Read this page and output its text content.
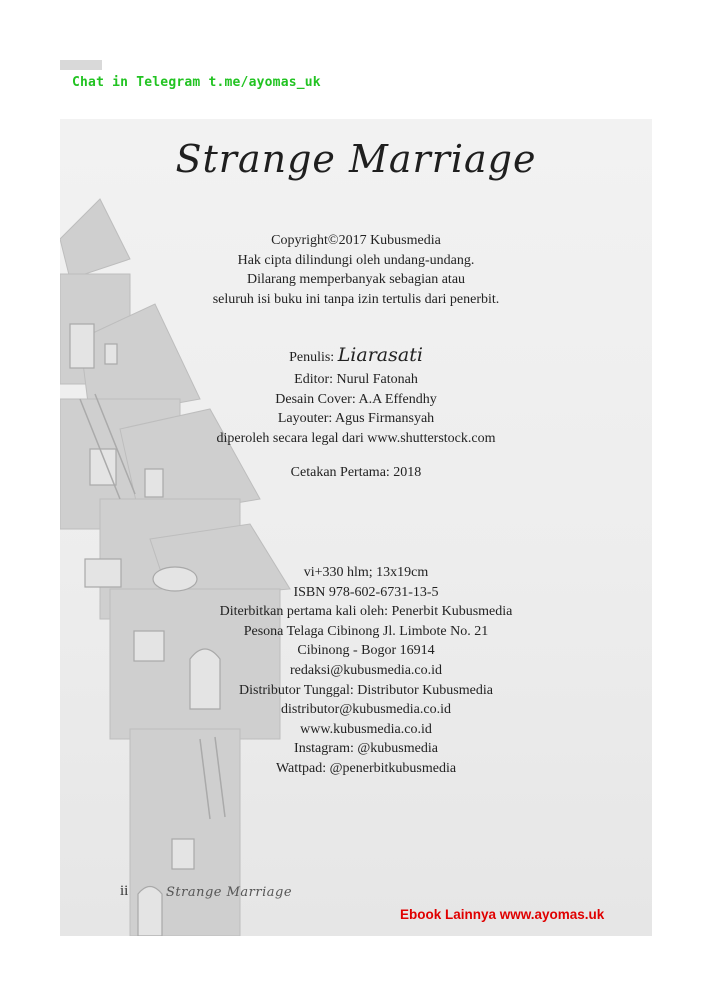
Chat in Telegram t.me/ayomas_uk
Strange Marriage
Copyright©2017 Kubusmedia
Hak cipta dilindungi oleh undang-undang.
Dilarang memperbanyak sebagian atau
seluruh isi buku ini tanpa izin tertulis dari penerbit.
Penulis: Liarasati
Editor: Nurul Fatonah
Desain Cover: A.A Effendhy
Layouter: Agus Firmansyah
diperoleh secara legal dari www.shutterstock.com
Cetakan Pertama: 2018
vi+330 hlm; 13x19cm
ISBN 978-602-6731-13-5
Diterbitkan pertama kali oleh: Penerbit Kubusmedia
Pesona Telaga Cibinong Jl. Limbote No. 21
Cibinong - Bogor 16914
redaksi@kubusmedia.co.id
Distributor Tunggal: Distributor Kubusmedia
distributor@kubusmedia.co.id
www.kubusmedia.co.id
Instagram: @kubusmedia
Wattpad: @penerbitkubusmedia
ii	Strange Marriage
Ebook Lainnya www.ayomas.uk
